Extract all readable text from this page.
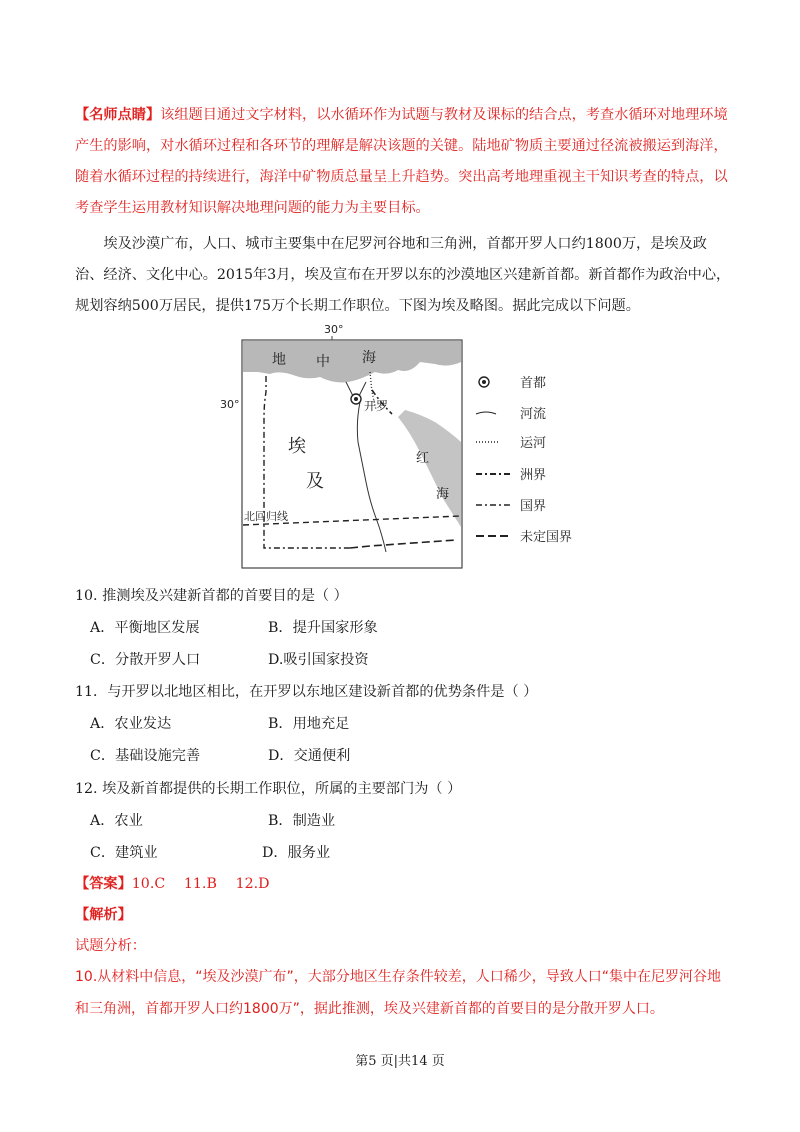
【名师点睛】该组题目通过文字材料，以水循环作为试题与教材及课标的结合点，考查水循环对地理环境产生的影响，对水循环过程和各环节的理解是解决该题的关键。陆地矿物质主要通过径流被搬运到海洋，随着水循环过程的持续进行，海洋中矿物质总量呈上升趋势。突出高考地理重视主干知识考查的特点，以考查学生运用教材知识解决地理问题的能力为主要目标。
埃及沙漠广布，人口、城市主要集中在尼罗河谷地和三角洲，首都开罗人口约1800万，是埃及政治、经济、文化中心。2015年3月，埃及宣布在开罗以东的沙漠地区兴建新首都。新首都作为政治中心，规划容纳500万居民，提供175万个长期工作职位。下图为埃及略图。据此完成以下问题。
30°
30°
地 中 海
开罗
埃
及
红
海
北回归线
首都
河流
运河
洲界
国界
未定国界
10. 推测埃及兴建新首都的首要目的是（ ）
A．平衡地区发展	B．提升国家形象
C．分散开罗人口	D.吸引国家投资
11．与开罗以北地区相比，在开罗以东地区建设新首都的优势条件是（ ）
A．农业发达	B．用地充足
C．基础设施完善	D．交通便利
12. 埃及新首都提供的长期工作职位，所属的主要部门为（ ）
A．农业	B．制造业
C．建筑业	D．服务业
【答案】10.C　 11.B　 12.D
【解析】
试题分析：
10.从材料中信息，“埃及沙漠广布”，大部分地区生存条件较差，人口稀少，导致人口“集中在尼罗河谷地
和三角洲，首都开罗人口约1800万”，据此推测，埃及兴建新首都的首要目的是分散开罗人口。
第5 页|共14 页
